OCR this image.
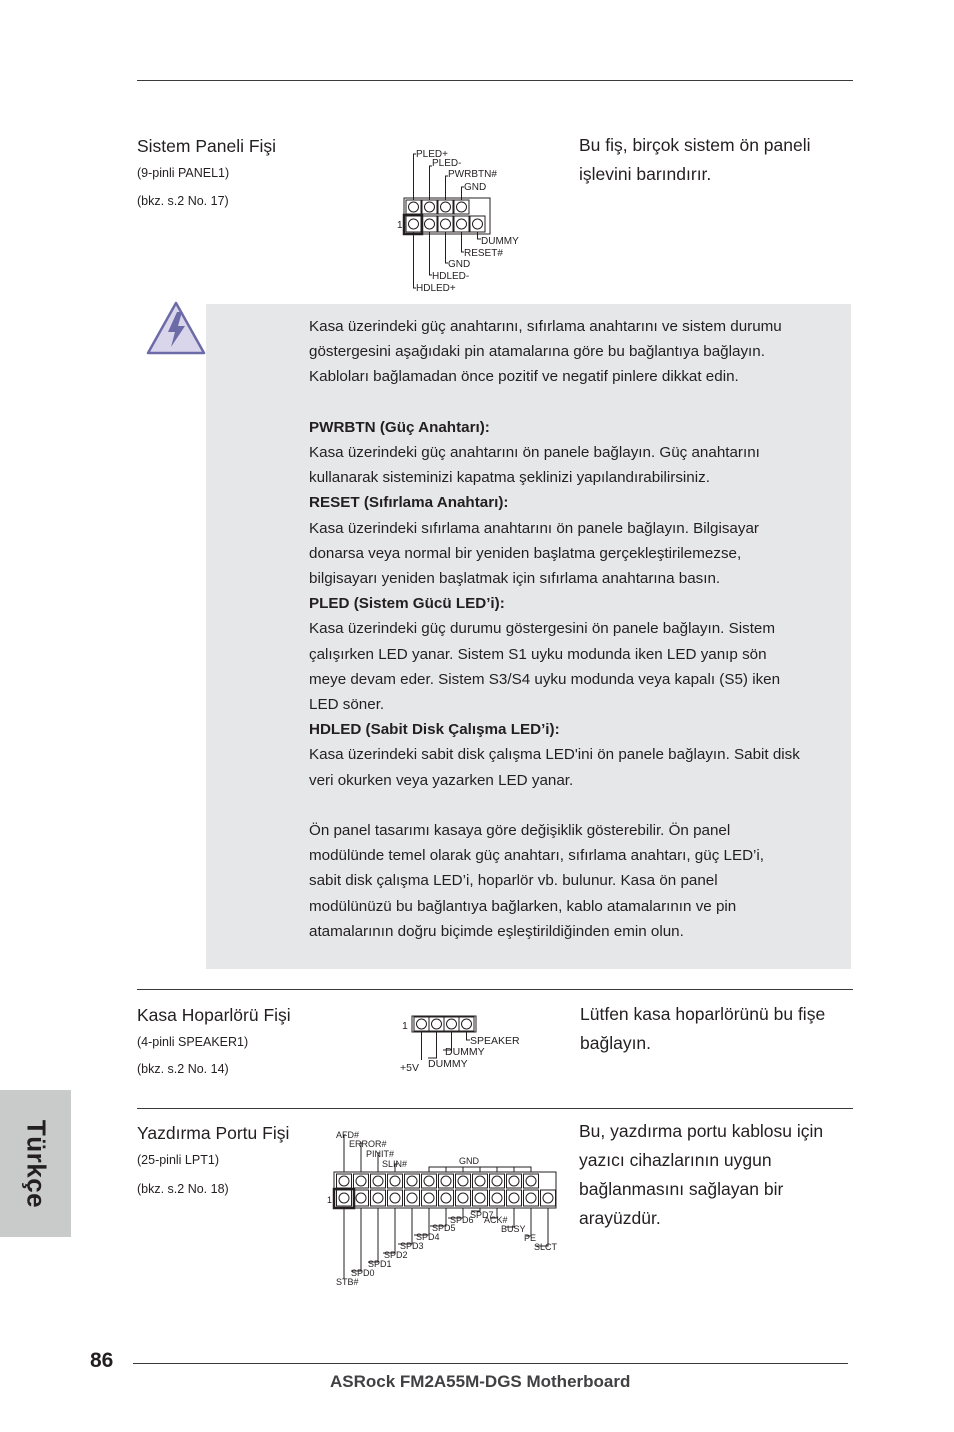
Sistem Paneli Fişi
(9-pinli PANEL1)
(bkz. s.2 No. 17)
Bu fiş, birçok sistem ön paneli
işlevini barındırır.
1
PLED+
PLED-
PWRBTN#
GND
DUMMY
RESET#
GND
HDLED-
HDLED+

Kasa üzerindeki güç anahtarını, sıfırlama anahtarını ve sistem durumu

göstergesini aşağıdaki pin atamalarına göre bu bağlantıya bağlayın.

Kabloları bağlamadan önce pozitif ve negatif pinlere dikkat edin.

PWRBTN (Güç Anahtarı):

Kasa üzerindeki güç anahtarını ön panele bağlayın. Güç anahtarını

kullanarak sisteminizi kapatma şeklinizi yapılandırabilirsiniz.

RESET (Sıfırlama Anahtarı):

Kasa üzerindeki sıfırlama anahtarını ön panele bağlayın. Bilgisayar

donarsa veya normal bir yeniden başlatma gerçekleştirilemezse,

bilgisayarı yeniden başlatmak için sıfırlama anahtarına basın.

PLED (Sistem Gücü LED’i):

Kasa üzerindeki güç durumu göstergesini ön panele bağlayın. Sistem

çalışırken LED yanar. Sistem S1 uyku modunda iken LED yanıp sön

meye devam eder. Sistem S3/S4 uyku modunda veya kapalı (S5) iken

LED söner.

HDLED (Sabit Disk Çalışma LED’i):

Kasa üzerindeki sabit disk çalışma LED'ini ön panele bağlayın. Sabit disk

veri okurken veya yazarken LED yanar.

Ön panel tasarımı kasaya göre değişiklik gösterebilir. Ön panel

modülünde temel olarak güç anahtarı, sıfırlama anahtarı, güç LED’i,

sabit disk çalışma LED’i, hoparlör vb. bulunur. Kasa ön panel

modülünüzü bu bağlantıya bağlarken, kablo atamalarının ve pin

atamalarının doğru biçimde eşleştirildiğinden emin olun.

Kasa Hoparlörü Fişi
(4-pinli SPEAKER1)
(bkz. s.2 No. 14)
Lütfen kasa hoparlörünü bu fişe
bağlayın.
1
SPEAKER
DUMMY
+5V DUMMY
Yazdırma Portu Fişi
(25-pinli LPT1)
(bkz. s.2 No. 18)
Bu, yazdırma portu kablosu için
yazıcı cihazlarının uygun
bağlanmasını sağlayan bir
arayüzdür.
1
AFD#
ERROR#
PINIT#
SLIN#	GND
SPD7
SPD6 ACK#
SPD5	BUSY
SPD4	PE
SPD3	SLCT
SPD2
SPD1
SPD0
STB#
Türkçe
86
ASRock FM2A55M-DGS Motherboard
